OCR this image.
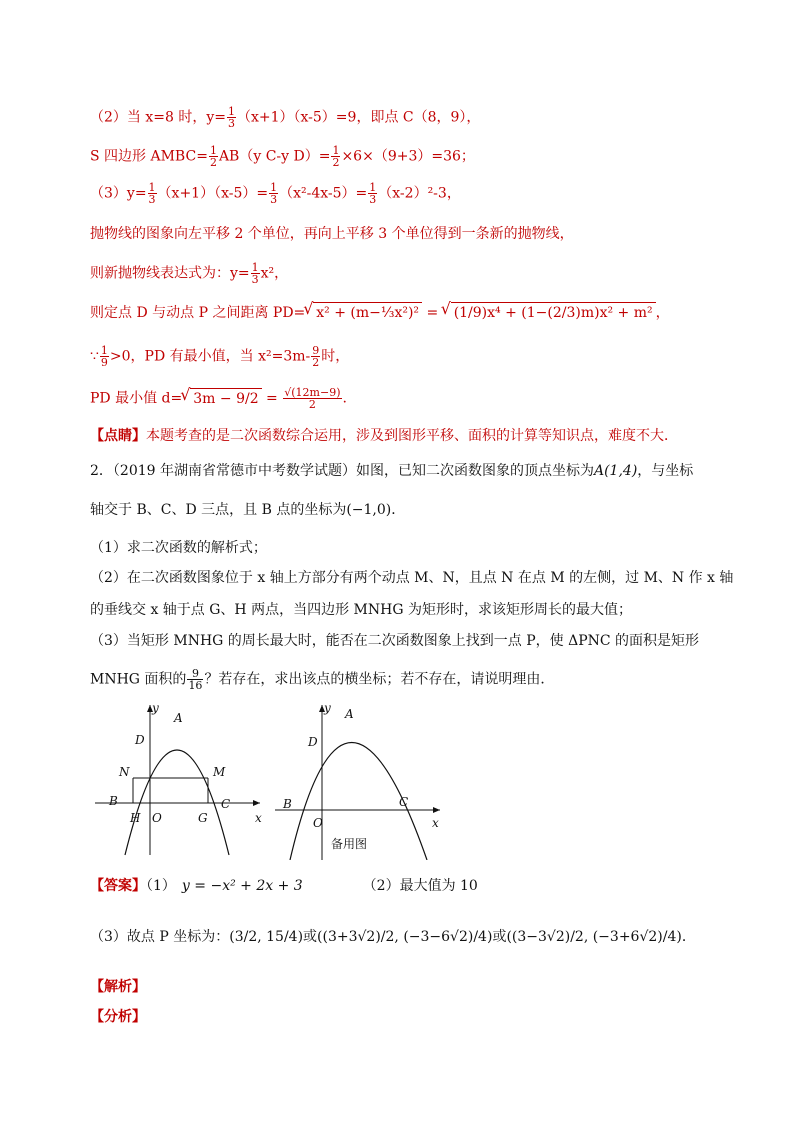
（2）当 x=8 时，$y= \frac{1}{3} (x+1)(x-5)=9$，即点 C（8，9），
S 四边形 AMBC= $\frac{1}{2} AB(y$ C-y $D)= \frac{1}{2} \times 6\times(9+3)=36$；
$(3)y= \frac{1}{3} (x+1)(x-5)= \frac{1}{3} (x^2-4x-5)= \frac{1}{3} (x-2)^2-3$，
抛物线的图象向左平移 2 个单位，再向上平移 3 个单位得到一条新的抛物线，
则新抛物线表达式为：$y= \frac{1}{3} x^2$，
则定点 D 与动点 P 之间距离 PD= √ x² + (m−⅓x²)² = √ (1/9)x⁴ + (1−(2/3)m)x² + m² ，
∵ $\frac{1}{9} >0$，PD 有最小值，当 $x^2=3m- \frac{9}{2}$ 时，
PD 最小值 d= √ $3m - 9/2 = \frac{√(12m-9)}{2}$ .
【点睛】本题考查的是二次函数综合运用，涉及到图形平移、面积的计算等知识点，难度不大．
2．（2019 年湖南省常德市中考数学试题）如图，已知二次函数图象的顶点坐标为A(1,4)，与坐标
轴交于 B、C、D 三点，且 B 点的坐标为(−1,0)．
（1）求二次函数的解析式；
（2）在二次函数图象位于 x 轴上方部分有两个动点 M、N，且点 N 在点 M 的左侧，过 M、N 作 x 轴
的垂线交 x 轴于点 G、H 两点，当四边形 MNHG 为矩形时，求该矩形周长的最大值；
（3）当矩形 MNHG 的周长最大时，能否在二次函数图象上找到一点 P，使 ΔPNC 的面积是矩形
MNHG 面积的 $\frac{9}{16}$ ？若存在，求出该点的横坐标；若不存在，请说明理由．
y
A
D
N	M
B	C
H O	G	x
y A
D
B	C
O	x
备用图
【答案】（1） y = −x² + 2x + 3	（2）最大值为 10
（3）故点 P 坐标为：(3/2, 15/4)或((3+3√2)/2, (−3−6√2)/4)或((3−3√2)/2, (−3+6√2)/4)．
【解析】
【分析】
